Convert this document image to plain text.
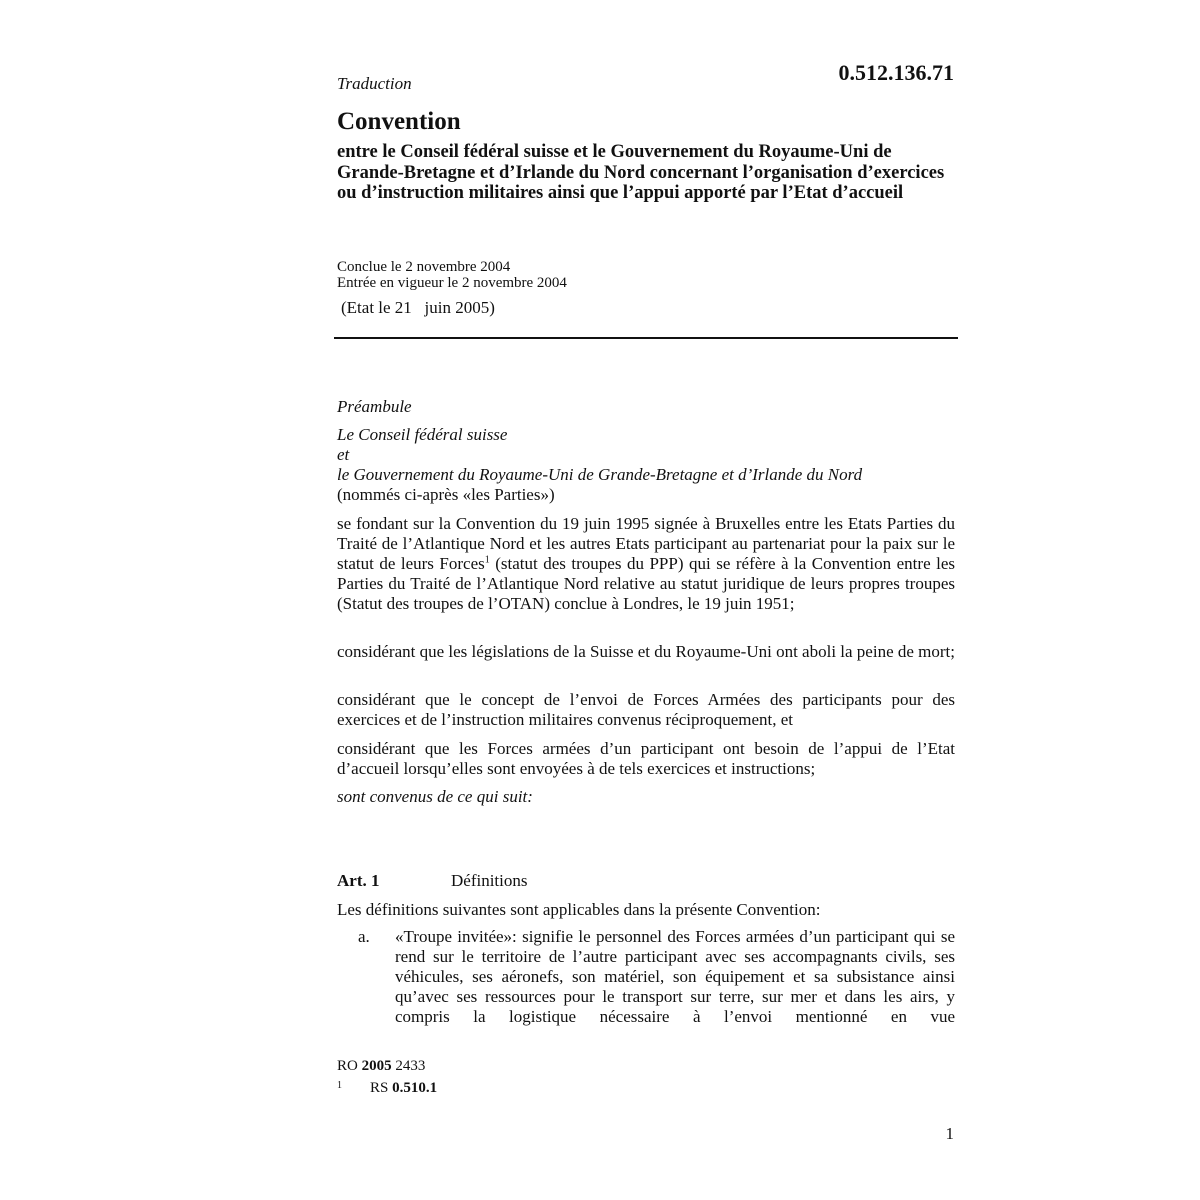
Traduction	0.512.136.71
Convention
entre le Conseil fédéral suisse et le Gouvernement du Royaume-Uni de Grande-Bretagne et d’Irlande du Nord concernant l’organisation d’exercices ou d’instruction militaires ainsi que l’appui apporté par l’Etat d’accueil
Conclue le 2 novembre 2004
Entrée en vigueur le 2 novembre 2004
(Etat le 21   juin 2005)
Préambule
Le Conseil fédéral suisse
et
le Gouvernement du Royaume-Uni de Grande-Bretagne et d’Irlande du Nord
(nommés ci-après «les Parties»)
se fondant sur la Convention du 19 juin 1995 signée à Bruxelles entre les Etats Parties du Traité de l’Atlantique Nord et les autres Etats participant au partenariat pour la paix sur le statut de leurs Forces$^1$ (statut des troupes du PPP) qui se réfère à la Convention entre les Parties du Traité de l’Atlantique Nord relative au statut juridique de leurs propres troupes (Statut des troupes de l’OTAN) conclue à Londres, le 19 juin 1951;
considérant que les législations de la Suisse et du Royaume-Uni ont aboli la peine de mort;
considérant que le concept de l’envoi de Forces Armées des participants pour des exercices et de l’instruction militaires convenus réciproquement, et
considérant que les Forces armées d’un participant ont besoin de l’appui de l’Etat d’accueil lorsqu’elles sont envoyées à de tels exercices et instructions;
sont convenus de ce qui suit:
Art. 1	Définitions
Les définitions suivantes sont applicables dans la présente Convention:
a. «Troupe invitée»: signifie le personnel des Forces armées d’un participant qui se rend sur le territoire de l’autre participant avec ses accompagnants civils, ses véhicules, ses aéronefs, son matériel, son équipement et sa subsistance ainsi qu’avec ses ressources pour le transport sur terre, sur mer et dans les airs, y compris la logistique nécessaire à l’envoi mentionné en vue
RO 2005 2433
$^1$ RS 0.510.1
1
